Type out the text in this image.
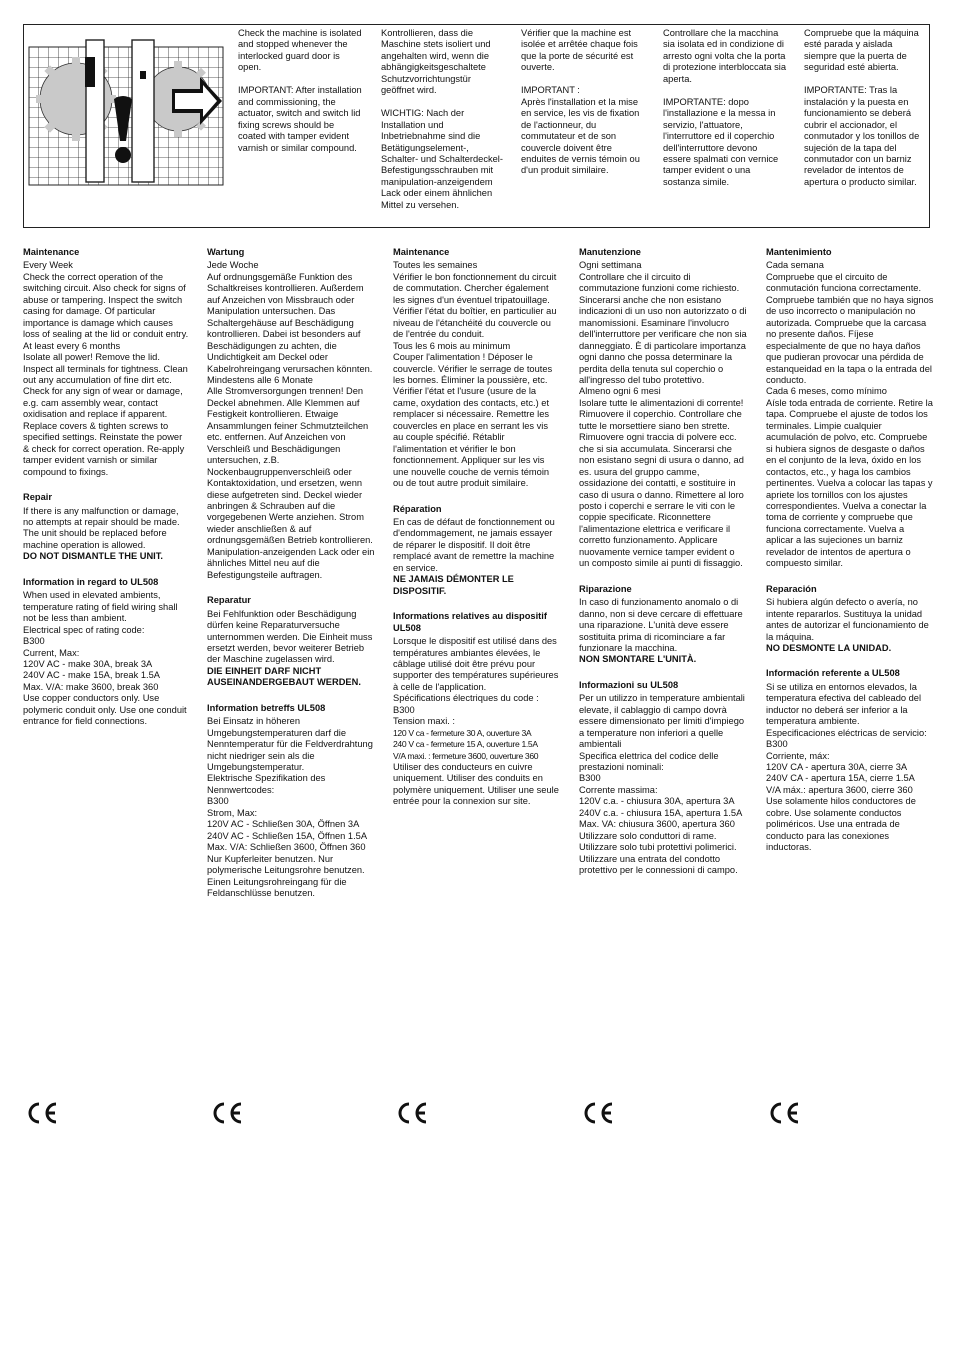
Check the machine is isolated and stopped whenever the interlocked guard door is open.

IMPORTANT: After installation and commissioning, the actuator, switch and switch lid fixing screws should be coated with tamper evident varnish or similar compound.
Kontrollieren, dass die Maschine stets isoliert und angehalten wird, wenn die abhängigkeitsgeschaltete Schutzvorrichtungstür geöffnet wird.

WICHTIG: Nach der Installation und Inbetriebnahme sind die Betätigungselement-, Schalter- und Schalterdeckel-Befestigungsschrauben mit manipulation-anzeigendem Lack oder einem ähnlichen Mittel zu versehen.
Vérifier que la machine est isolée et arrêtée chaque fois que la porte de sécurité est ouverte.

IMPORTANT :
Après l'installation et la mise en service, les vis de fixation de l'actionneur, du commutateur et de son couvercle doivent être enduites de vernis témoin ou d'un produit similaire.
Controllare che la macchina sia isolata ed in condizione di arresto ogni volta che la porta di protezione interbloccata sia aperta.

IMPORTANTE: dopo l'installazione e la messa in servizio, l'attuatore, l'interruttore ed il coperchio dell'interruttore devono essere spalmati con vernice tamper evident o una sostanza simile.
Compruebe que la máquina esté parada y aislada siempre que la puerta de seguridad esté abierta.

IMPORTANTE: Tras la instalación y la puesta en funcionamiento se deberá cubrir el accionador, el conmutador y los tonillos de sujeción de la tapa del conmutador con un barniz revelador de intentos de apertura o producto similar.
Maintenance
Every Week
Check the correct operation of the switching circuit. Also check for signs of abuse or tampering. Inspect the switch casing for damage. Of particular importance is damage which causes loss of sealing at the lid or conduit entry.
At least every 6 months
Isolate all power! Remove the lid. Inspect all terminals for tightness. Clean out any accumulation of fine dirt etc. Check for any sign of wear or damage, e.g. cam assembly wear, contact oxidisation and replace if apparent. Replace covers & tighten screws to specified settings. Reinstate the power & check for correct operation. Re-apply tamper evident varnish or similar compound to fixings.
Repair
If there is any malfunction or damage, no attempts at repair should be made. The unit should be replaced before machine operation is allowed.
DO NOT DISMANTLE THE UNIT.
Information in regard to UL508
When used in elevated ambients, temperature rating of field wiring shall not be less than ambient.
Electrical spec of rating code:
B300
Current, Max:
120V AC - make 30A, break 3A
240V AC - make 15A, break 1.5A
Max. V/A: make 3600, break 360
Use copper conductors only. Use polymeric conduit only. Use one conduit entrance for field connections.
Wartung
Jede Woche
Auf ordnungsgemäße Funktion des Schaltkreises kontrollieren. Außerdem auf Anzeichen von Missbrauch oder Manipulation untersuchen. Das Schaltergehäuse auf Beschädigung kontrollieren. Dabei ist besonders auf Beschädigungen zu achten, die Undichtigkeit am Deckel oder Kabelrohreingang verursachen könnten.
Mindestens alle 6 Monate
Alle Stromversorgungen trennen! Den Deckel abnehmen. Alle Klemmen auf Festigkeit kontrollieren. Etwaige Ansammlungen feiner Schmutzteilchen etc. entfernen. Auf Anzeichen von Verschleiß und Beschädigungen untersuchen, z.B. Nockenbaugruppenverschleiß oder Kontaktoxidation, und ersetzen, wenn diese aufgetreten sind. Deckel wieder anbringen & Schrauben auf die vorgegebenen Werte anziehen. Strom wieder anschließen & auf ordnungsgemäßen Betrieb kontrollieren. Manipulation-anzeigenden Lack oder ein ähnliches Mittel neu auf die Befestigungsteile auftragen.
Reparatur
Bei Fehlfunktion oder Beschädigung dürfen keine Reparaturversuche unternommen werden. Die Einheit muss ersetzt werden, bevor weiterer Betrieb der Maschine zugelassen wird.
DIE EINHEIT DARF NICHT AUSEINANDERGEBAUT WERDEN.
Information betreffs UL508
Bei Einsatz in höheren Umgebungstemperaturen darf die Nenntemperatur für die Feldverdrahtung nicht niedriger sein als die Umgebungstemperatur.
Elektrische Spezifikation des Nennwertcodes:
B300
Strom, Max:
120V AC - Schließen 30A, Öffnen 3A
240V AC - Schließen 15A, Öffnen 1.5A
Max. V/A: Schließen 3600, Öffnen 360
Nur Kupferleiter benutzen. Nur polymerische Leitungsrohre benutzen. Einen Leitungsrohreingang für die Feldanschlüsse benutzen.
Maintenance
Toutes les semaines
Vérifier le bon fonctionnement du circuit de commutation. Chercher également les signes d'un éventuel tripatouillage. Vérifier l'état du boîtier, en particulier au niveau de l'étanchéité du couvercle ou de l'entrée du conduit.
Tous les 6 mois au minimum
Couper l'alimentation ! Déposer le couvercle. Vérifier le serrage de toutes les bornes. Éliminer la poussière, etc. Vérifier l'état et l'usure (usure de la came, oxydation des contacts, etc.) et remplacer si nécessaire. Remettre les couvercles en place en serrant les vis au couple spécifié. Rétablir l'alimentation et vérifier le bon fonctionnement. Appliquer sur les vis une nouvelle couche de vernis témoin ou de tout autre produit similaire.
Réparation
En cas de défaut de fonctionnement ou d'endommagement, ne jamais essayer de réparer le dispositif. Il doit être remplacé avant de remettre la machine en service.
NE JAMAIS DÉMONTER LE DISPOSITIF.
Informations relatives au dispositif UL508
Lorsque le dispositif est utilisé dans des températures ambiantes élevées, le câblage utilisé doit être prévu pour supporter des températures supérieures à celle de l'application.
Spécifications électriques du code :
B300
Tension maxi. :
120 V ca - fermeture 30 A, ouverture 3A
240 V ca - fermeture 15 A, ouverture 1.5A
V/A maxi. : fermeture 3600, ouverture 360
Utiliser des conducteurs en cuivre uniquement. Utiliser des conduits en polymère uniquement. Utiliser une seule entrée pour la connexion sur site.
Manutenzione
Ogni settimana
Controllare che il circuito di commutazione funzioni come richiesto. Sincerarsi anche che non esistano indicazioni di un uso non autorizzato o di manomissioni. Esaminare l'involucro dell'interruttore per verificare che non sia danneggiato. È di particolare importanza ogni danno che possa determinare la perdita della tenuta sul coperchio o all'ingresso del tubo protettivo.
Almeno ogni 6 mesi
Isolare tutte le alimentazioni di corrente! Rimuovere il coperchio. Controllare che tutte le morsettiere siano ben strette. Rimuovere ogni traccia di polvere ecc. che si sia accumulata. Sincerarsi che non esistano segni di usura o danno, ad es. usura del gruppo camme, ossidazione dei contatti, e sostituire in caso di usura o danno. Rimettere al loro posto i coperchi e serrare le viti con le coppie specificate. Riconnettere l'alimentazione elettrica e verificare il corretto funzionamento. Applicare nuovamente vernice tamper evident o un composto simile ai punti di fissaggio.
Riparazione
In caso di funzionamento anomalo o di danno, non si deve cercare di effettuare una riparazione. L'unità deve essere sostituita prima di ricominciare a far funzionare la macchina.
NON SMONTARE L'UNITÀ.
Informazioni su UL508
Per un utilizzo in temperature ambientali elevate, il cablaggio di campo dovrà essere dimensionato per limiti d'impiego a temperature non inferiori a quelle ambientali
Specifica elettrica del codice delle prestazioni nominali:
B300
Corrente massima:
120V c.a. - chiusura 30A, apertura 3A
240V c.a. - chiusura 15A, apertura 1.5A
Max. VA: chiusura 3600, apertura 360
Utilizzare solo conduttori di rame. Utilizzare solo tubi protettivi polimerici. Utilizzare una entrata del condotto protettivo per le connessioni di campo.
Mantenimiento
Cada semana
Compruebe que el circuito de conmutación funciona correctamente. Compruebe también que no haya signos de uso incorrecto o manipulación no autorizada. Compruebe que la carcasa no presente daños. Fíjese especialmente de que no haya daños que pudieran provocar una pérdida de estanqueidad en la tapa o la entrada del conducto.
Cada 6 meses, como mínimo
Aísle toda entrada de corriente. Retire la tapa. Compruebe el ajuste de todos los terminales. Limpie cualquier acumulación de polvo, etc. Compruebe si hubiera signos de desgaste o daños en el conjunto de la leva, óxido en los contactos, etc., y haga los cambios pertinentes. Vuelva a colocar las tapas y apriete los tornillos con los ajustes correspondientes. Vuelva a conectar la toma de corriente y compruebe que funciona correctamente. Vuelva a aplicar a las sujeciones un barniz revelador de intentos de apertura o compuesto similar.
Reparación
Si hubiera algún defecto o avería, no intente repararlos. Sustituya la unidad antes de autorizar el funcionamiento de la máquina.
NO DESMONTE LA UNIDAD.
Información referente a UL508
Si se utiliza en entornos elevados, la temperatura efectiva del cableado del inductor no deberá ser inferior a la temperatura ambiente.
Especificaciones eléctricas de servicio:
B300
Corriente, máx:
120V CA - apertura 30A, cierre 3A
240V CA - apertura 15A, cierre 1.5A
V/A máx.: apertura 3600, cierre 360
Use solamente hilos conductores de cobre. Use solamente conductos poliméricos. Use una entrada de conducto para las conexiones inductoras.
